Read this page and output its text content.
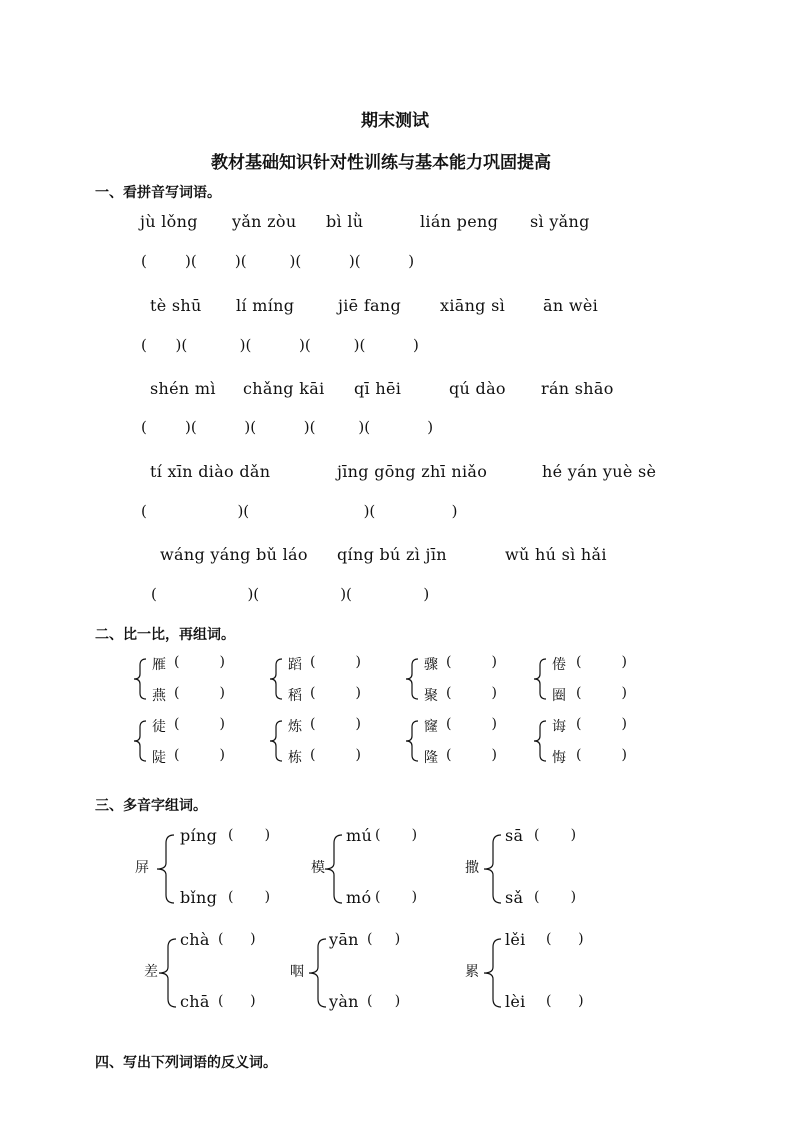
期末测试
教材基础知识针对性训练与基本能力巩固提高
一、看拼音写词语。
jù lǒng yǎn zòu bì lǜ	lián peng sì yǎng
(        )(        )(         )(          )(          )
tè shū lí míng	jiē fang xiāng sì ān wèi
(      )(           )(          )(         )(          )
shén mì chǎng kāi qī hēi	qú dào rán shāo
(        )(          )(          )(         )(            )
tí xīn diào dǎn	jīng gōng zhī niǎo	hé yán yuè sè
(                   )(                        )(                )
wáng yáng bǔ láo qíng bú zì jīn	wǔ hú sì hǎi
(                   )(                 )(               )
二、比一比，再组词。
雁 (         )
燕 (         )
蹈 (         )
稻 (         )
骤 (         )
聚 (         )
倦 (         )
圈 (         )
徒 (         )
陡 (         )
炼 (         )
栋 (         )
窿 (         )
隆 (         )
诲 (         )
悔 (         )
三、多音字组词。
屏
píng (       )
bǐng (       )
模
mú (       )
mó (       )
撒
sā (       )
sǎ (       )
差
chà (      )
chā (      )
咽
yān (     )
yàn (     )
累
lěi (      )
lèi (      )
四、写出下列词语的反义词。
